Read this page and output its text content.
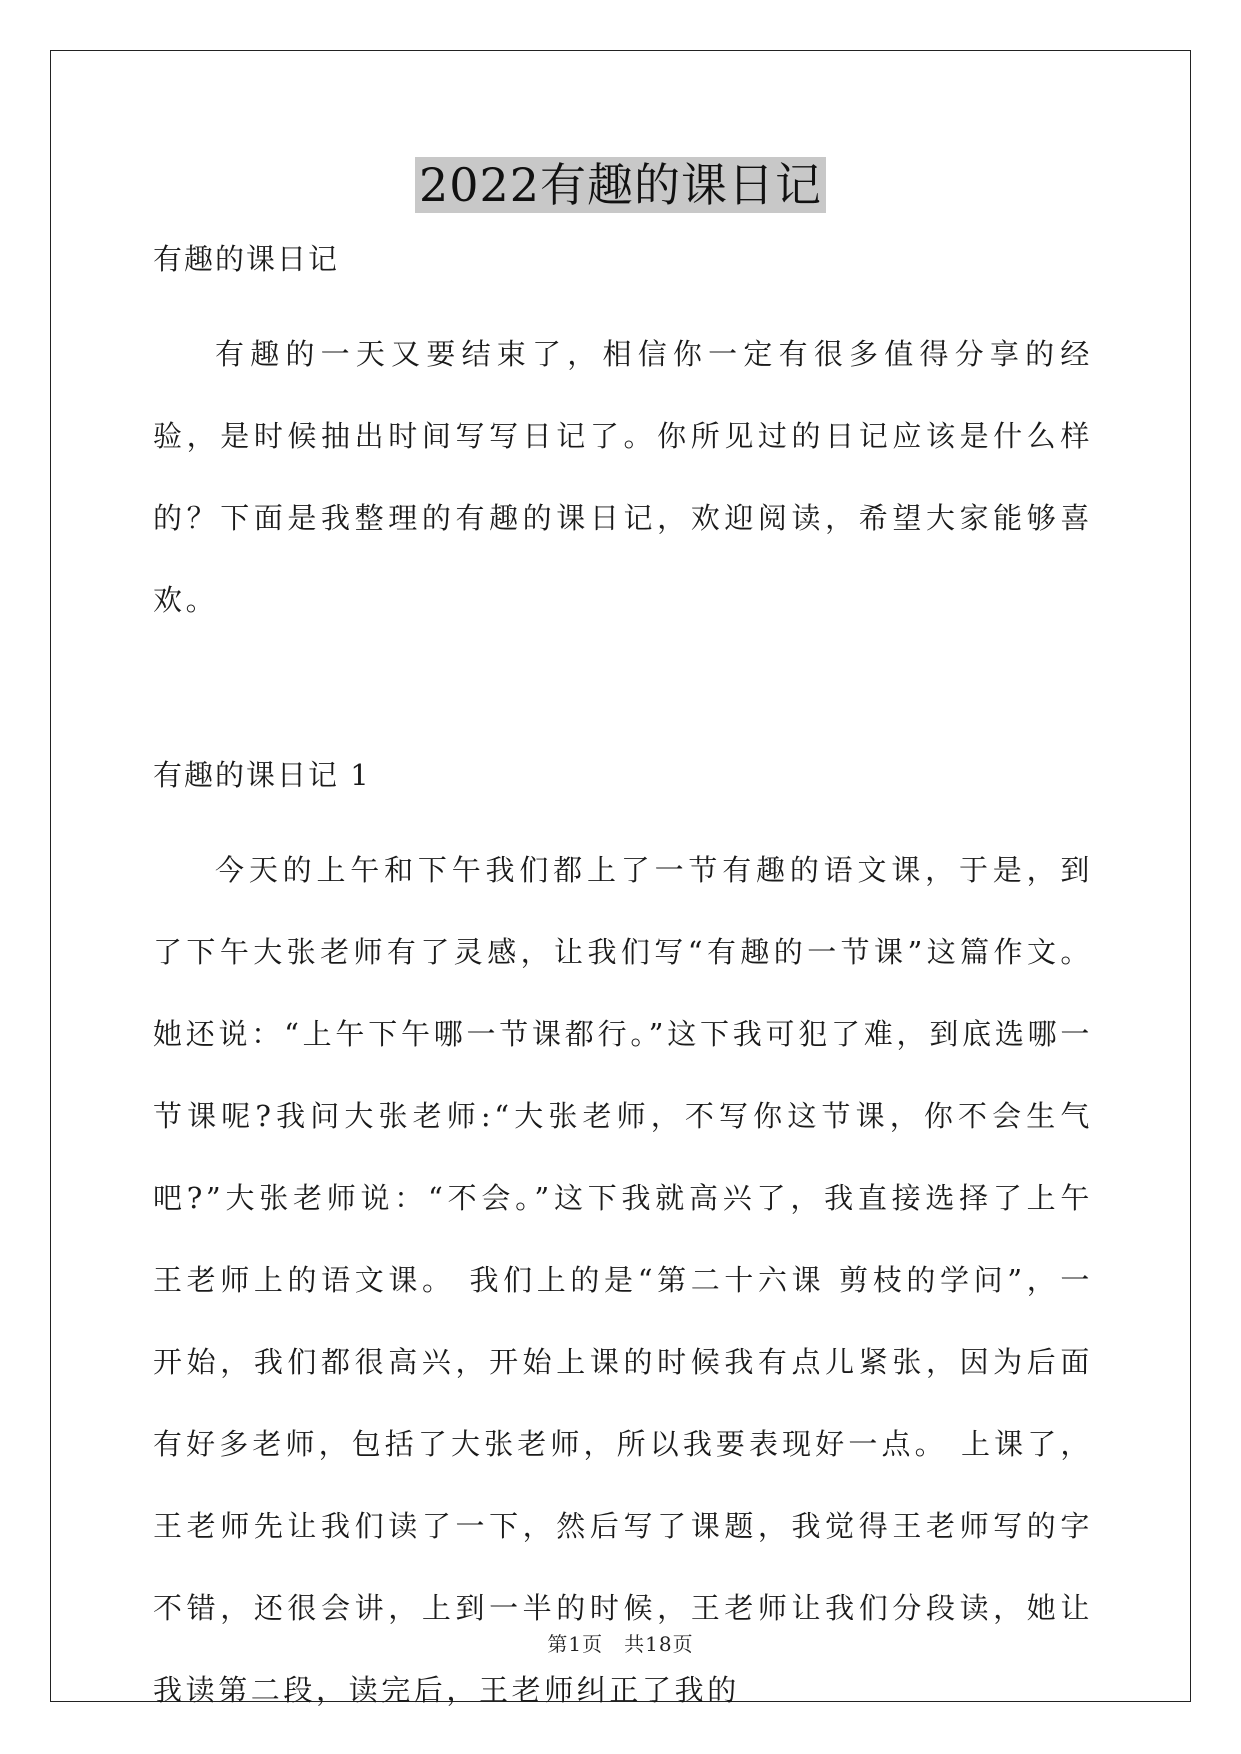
2022有趣的课日记

有趣的课日记

有趣的一天又要结束了，相信你一定有很多值得分享的经验，是时候抽出时间写写日记了。你所见过的日记应该是什么样的？下面是我整理的有趣的课日记，欢迎阅读，希望大家能够喜欢。

有趣的课日记 1

今天的上午和下午我们都上了一节有趣的语文课，于是，到了下午大张老师有了灵感，让我们写“有趣的一节课”这篇作文。她还说：“上午下午哪一节课都行。”这下我可犯了难，到底选哪一节课呢?我问大张老师:“大张老师，不写你这节课，你不会生气吧?”大张老师说：“不会。”这下我就高兴了，我直接选择了上午王老师上的语文课。 我们上的是“第二十六课 剪枝的学问”，一开始，我们都很高兴，开始上课的时候我有点儿紧张，因为后面有好多老师，包括了大张老师，所以我要表现好一点。 上课了，王老师先让我们读了一下，然后写了课题，我觉得王老师写的字不错，还很会讲，上到一半的时候，王老师让我们分段读，她让我读第二段，读完后，王老师纠正了我的

第1页　共18页
